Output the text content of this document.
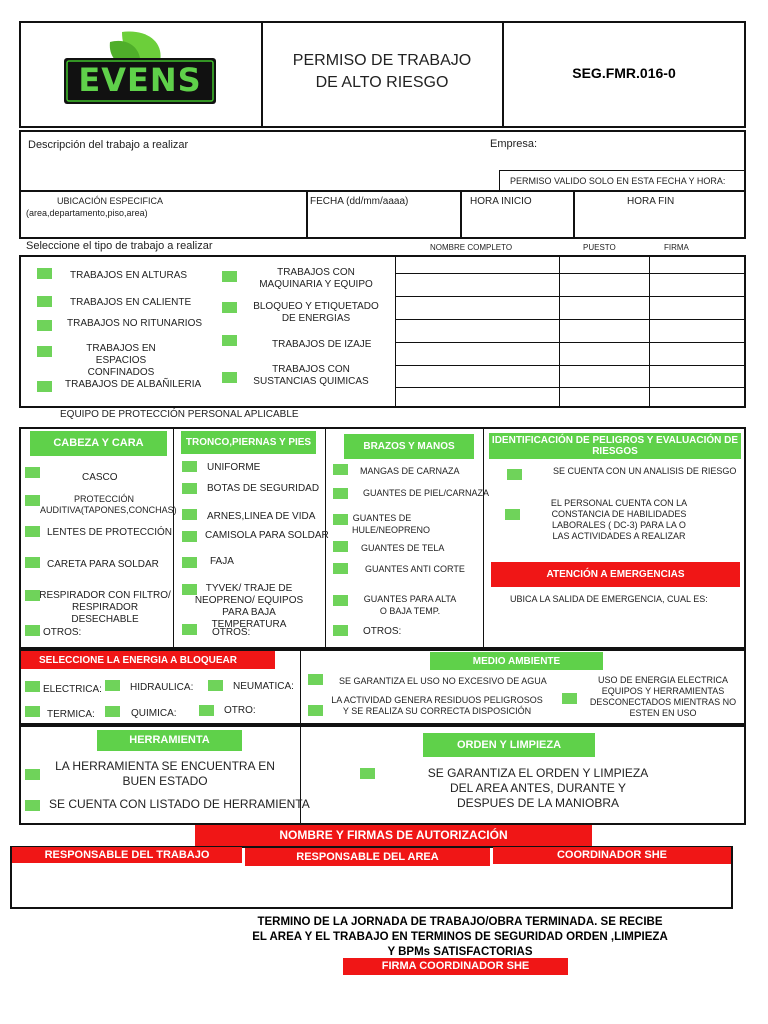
EVENS
PERMISO DE TRABAJO
DE ALTO RIESGO
SEG.FMR.016-0
Descripción del trabajo a realizar	Empresa:
PERMISO VALIDO SOLO EN ESTA FECHA Y HORA:
UBICACIÓN ESPECIFICA
(area,departamento,piso,area)
FECHA (dd/mm/aaaa)	HORA INICIO	HORA FIN
Seleccione el tipo de trabajo a realizar	NOMBRE COMPLETO	PUESTO	FIRMA
TRABAJOS EN ALTURAS
TRABAJOS EN CALIENTE
TRABAJOS NO RITUNARIOS
TRABAJOS EN ESPACIOS CONFINADOS
TRABAJOS DE ALBAÑILERIA
TRABAJOS CON MAQUINARIA Y EQUIPO
BLOQUEO Y ETIQUETADO DE ENERGIAS
TRABAJOS DE IZAJE
TRABAJOS CON SUSTANCIAS QUIMICAS
EQUIPO DE PROTECCIÓN PERSONAL APLICABLE
CABEZA Y CARA
CASCO
PROTECCIÓN AUDITIVA(TAPONES,CONCHAS)
LENTES DE PROTECCIÓN
CARETA PARA SOLDAR
RESPIRADOR CON FILTRO/ RESPIRADOR DESECHABLE
OTROS:
TRONCO,PIERNAS Y PIES
UNIFORME
BOTAS DE SEGURIDAD
ARNES,LINEA DE VIDA
CAMISOLA PARA SOLDAR
FAJA
TYVEK/ TRAJE DE NEOPRENO/ EQUIPOS PARA BAJA TEMPERATURA
OTROS:
BRAZOS Y MANOS
MANGAS DE CARNAZA
GUANTES DE PIEL/CARNAZA
GUANTES DE HULE/NEOPRENO
GUANTES DE TELA
GUANTES ANTI CORTE
GUANTES PARA ALTA O BAJA TEMP.
OTROS:
IDENTIFICACIÓN DE PELIGROS Y EVALUACIÓN DE RIESGOS
SE CUENTA CON UN ANALISIS DE RIESGO
EL PERSONAL CUENTA CON LA CONSTANCIA DE HABILIDADES LABORALES ( DC-3) PARA LA O LAS ACTIVIDADES A REALIZAR
ATENCIÓN A EMERGENCIAS
UBICA LA SALIDA DE EMERGENCIA, CUAL ES:
SELECCIONE LA ENERGIA A BLOQUEAR
ELECTRICA:	HIDRAULICA:	NEUMATICA:
TERMICA:	QUIMICA:	OTRO:
MEDIO AMBIENTE
SE GARANTIZA EL USO NO EXCESIVO DE AGUA
LA ACTIVIDAD GENERA RESIDUOS PELIGROSOS Y SE REALIZA SU CORRECTA DISPOSICIÓN
USO DE ENERGIA ELECTRICA EQUIPOS Y HERRAMIENTAS DESCONECTADOS MIENTRAS NO ESTEN EN USO
HERRAMIENTA
LA HERRAMIENTA SE ENCUENTRA EN BUEN ESTADO
SE CUENTA CON LISTADO DE HERRAMIENTA
ORDEN Y LIMPIEZA
SE GARANTIZA EL ORDEN Y LIMPIEZA DEL AREA ANTES, DURANTE Y DESPUES DE LA MANIOBRA
NOMBRE Y FIRMAS DE AUTORIZACIÓN
RESPONSABLE DEL TRABAJO	RESPONSABLE DEL AREA	COORDINADOR SHE
TERMINO DE LA JORNADA DE TRABAJO/OBRA TERMINADA. SE RECIBE EL AREA Y EL TRABAJO EN TERMINOS DE SEGURIDAD ORDEN ,LIMPIEZA Y BPMs SATISFACTORIAS
FIRMA COORDINADOR SHE
